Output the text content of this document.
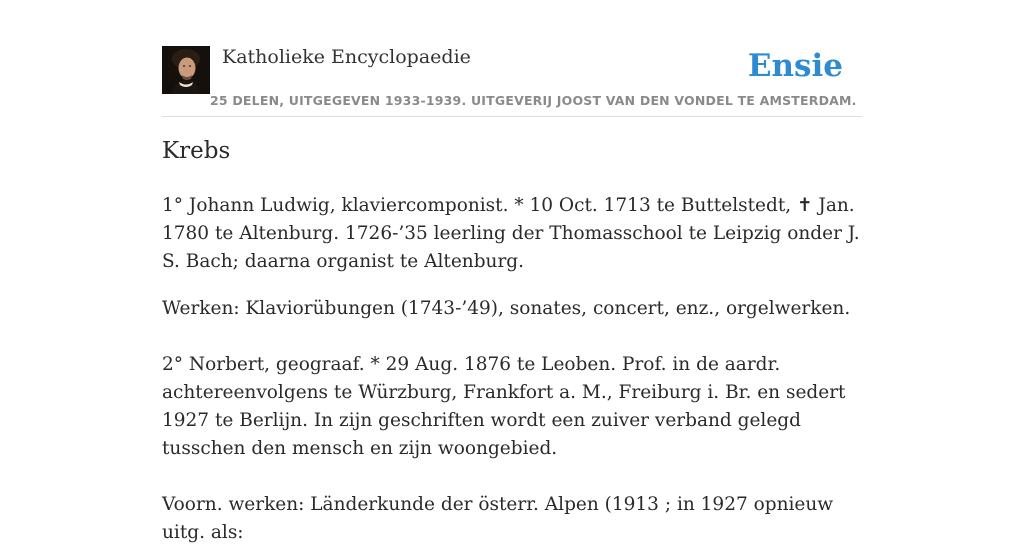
Katholieke Encyclopaedie
25 DELEN, UITGEGEVEN 1933-1939. UITGEVERIJ JOOST VAN DEN VONDEL TE AMSTERDAM.
Ensie
Krebs

1° Johann Ludwig, klaviercomponist. * 10 Oct. 1713 te Buttelstedt, ✝ Jan. 1780 te Altenburg. 1726-’35 leerling der Thomasschool te Leipzig onder J. S. Bach; daarna organist te Altenburg.

Werken: Klaviorübungen (1743-’49), sonates, concert, enz., orgelwerken.

2° Norbert, geograaf. * 29 Aug. 1876 te Leoben. Prof. in de aardr. achtereenvolgens te Würzburg, Frankfort a. M., Freiburg i. Br. en sedert 1927 te Berlijn. In zijn geschriften wordt een zuiver verband gelegd tusschen den mensch en zijn woongebied.

Voorn. werken: Länderkunde der österr. Alpen (1913 ; in 1927 opnieuw uitg. als:
